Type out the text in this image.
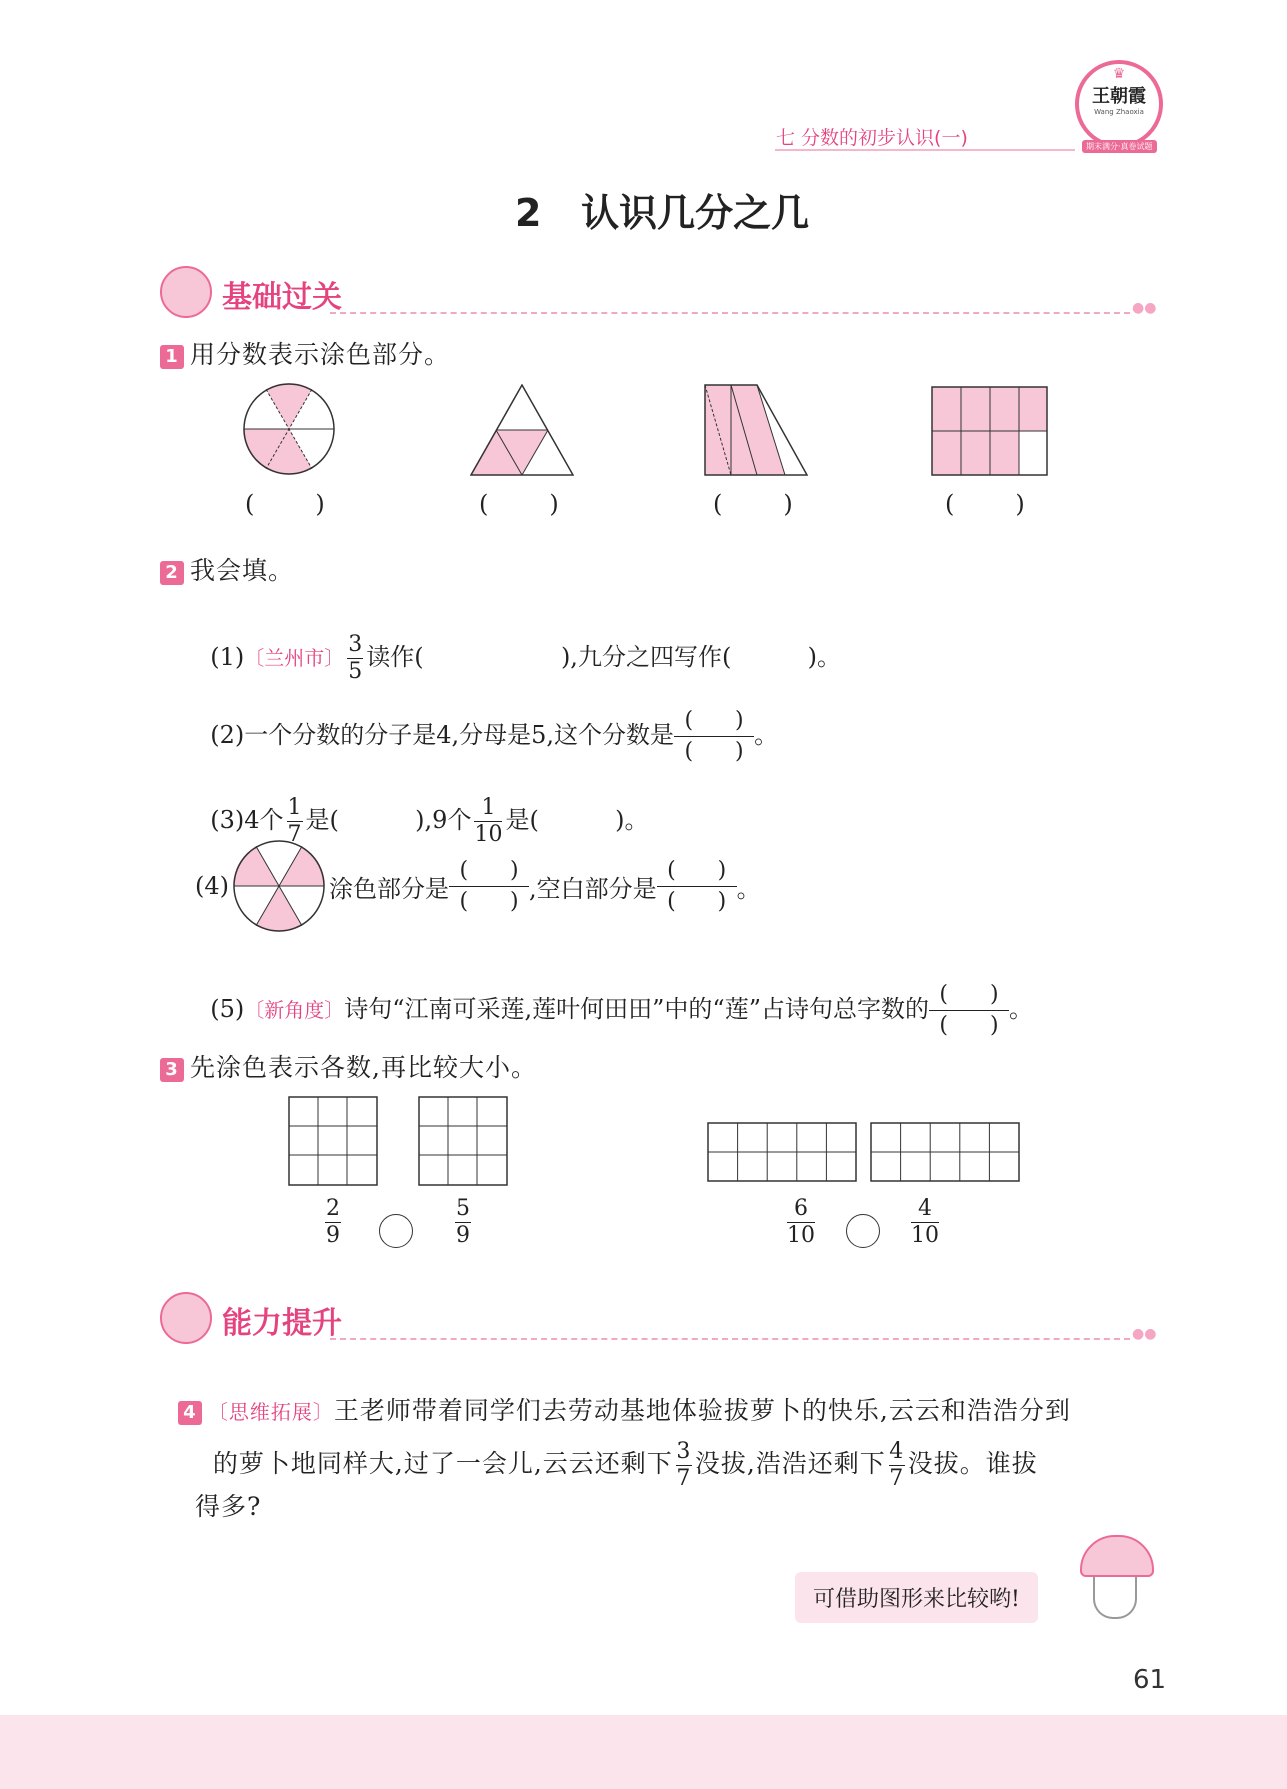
七 分数的初步认识(一)
♛
王朝霞
Wang Zhaoxia
期末满分·真卷试题
2   认识几分之几
基础过关	●●
1 用分数表示涂色部分。
(        )	(        )	(        )	(        )
2 我会填。

(1)〔兰州市〕 $\frac{3}{5}$ 读作(                  ),九分之四写作(          )。

(2)一个分数的分子是4,分母是5,这个分数是 $\frac{( )}{( )}$ 。

(3)4个 $\frac{1}{7}$ 是(          ),9个 $\frac{1}{10}$ 是(          )。

(4)	涂色部分是 $\frac{( )}{( )}$ ,空白部分是 $\frac{( )}{( )}$ 。

(5)〔新角度〕诗句“江南可采莲,莲叶何田田”中的“莲”占诗句总字数的 $\frac{( )}{( )}$ 。

3 先涂色表示各数,再比较大小。
2
9
5
9
6
10
4
10
能力提升	●●

4 〔思维拓展〕王老师带着同学们去劳动基地体验拔萝卜的快乐,云云和浩浩分到

的萝卜地同样大,过了一会儿,云云还剩下 $\frac{3}{7}$ 没拔,浩浩还剩下 $\frac{4}{7}$ 没拔。谁拔

得多?
可借助图形来比较哟!
61
